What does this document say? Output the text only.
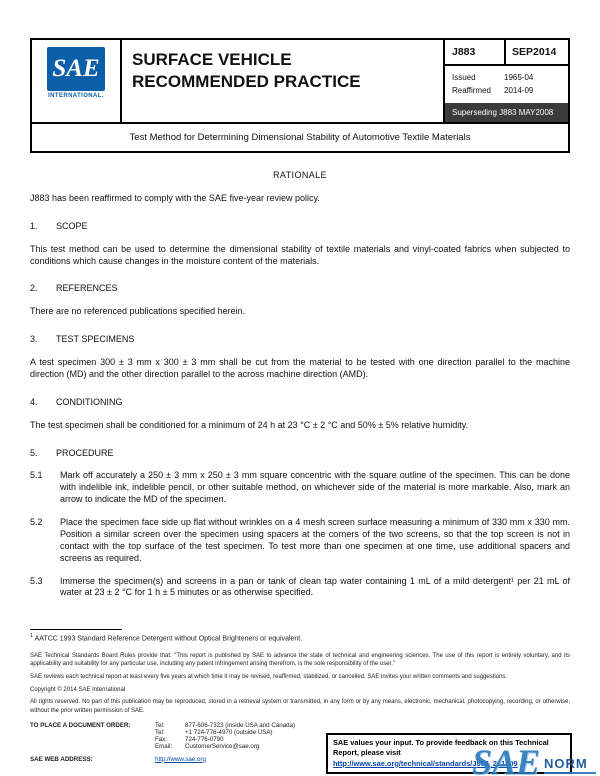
SAE
INTERNATIONAL.
SURFACE VEHICLE RECOMMENDED PRACTICE
J883	SEP2014
Issued	1965-04
Reaffirmed	2014-09
Superseding J883 MAY2008
Test Method for Determining Dimensional Stability of Automotive Textile Materials
RATIONALE

J883 has been reaffirmed to comply with the SAE five-year review policy.

1.	SCOPE

This test method can be used to determine the dimensional stability of textile materials and vinyl-coated fabrics when subjected to conditions which cause changes in the moisture content of the materials.

2.	REFERENCES

There are no referenced publications specified herein.

3.	TEST SPECIMENS

A test specimen 300 ± 3 mm x 300 ± 3 mm shall be cut from the material to be tested with one direction parallel to the machine direction (MD) and the other direction parallel to the across machine direction (AMD).

4.	CONDITIONING

The test specimen shall be conditioned for a minimum of 24 h at 23 °C ± 2 °C and 50% ± 5% relative humidity.

5.	PROCEDURE
5.1	Mark off accurately a 250 ± 3 mm x 250 ± 3 mm square concentric with the square outline of the specimen. This can be done with indelible ink, indelible pencil, or other suitable method, on whichever side of the material is more markable. Also, mark an arrow to indicate the MD of the specimen.
5.2	Place the specimen face side up flat without wrinkles on a 4 mesh screen surface measuring a minimum of 330 mm x 330 mm. Position a similar screen over the specimen using spacers at the corners of the two screens, so that the top screen is not in contact with the top surface of the test specimen. To test more than one specimen at one time, use additional spacers and screens as required.
5.3	Immerse the specimen(s) and screens in a pan or tank of clean tap water containing 1 mL of a mild detergent¹ per 21 mL of water at 23 ± 2 °C for 1 h ± 5 minutes or as otherwise specified.
$^1$ AATCC 1993 Standard Reference Detergent without Optical Brighteners or equivalent.

SAE Technical Standards Board Rules provide that: "This report is published by SAE to advance the state of technical and engineering sciences. The use of this report is entirely voluntary, and its applicability and suitability for any particular use, including any patent infringement arising therefrom, is the sole responsibility of the user."

SAE reviews each technical report at least every five years at which time it may be revised, reaffirmed, stabilized, or cancelled. SAE invites your written comments and suggestions.

Copyright © 2014 SAE International

All rights reserved. No part of this publication may be reproduced, stored in a retrieval system or transmitted, in any form or by any means, electronic, mechanical, photocopying, recording, or otherwise, without the prior written permission of SAE.

TO PLACE A DOCUMENT ORDER:	Tel:	877-606-7323 (inside USA and Canada)
Tel:	+1 724-776-4970 (outside USA)
Fax:	724-776-0790
Email:	CustomerService@sae.org
SAE WEB ADDRESS:	http://www.sae.org
SAE values your input. To provide feedback on this Technical Report, please visit http://www.sae.org/technical/standards/J883_201409
SAE NORM
